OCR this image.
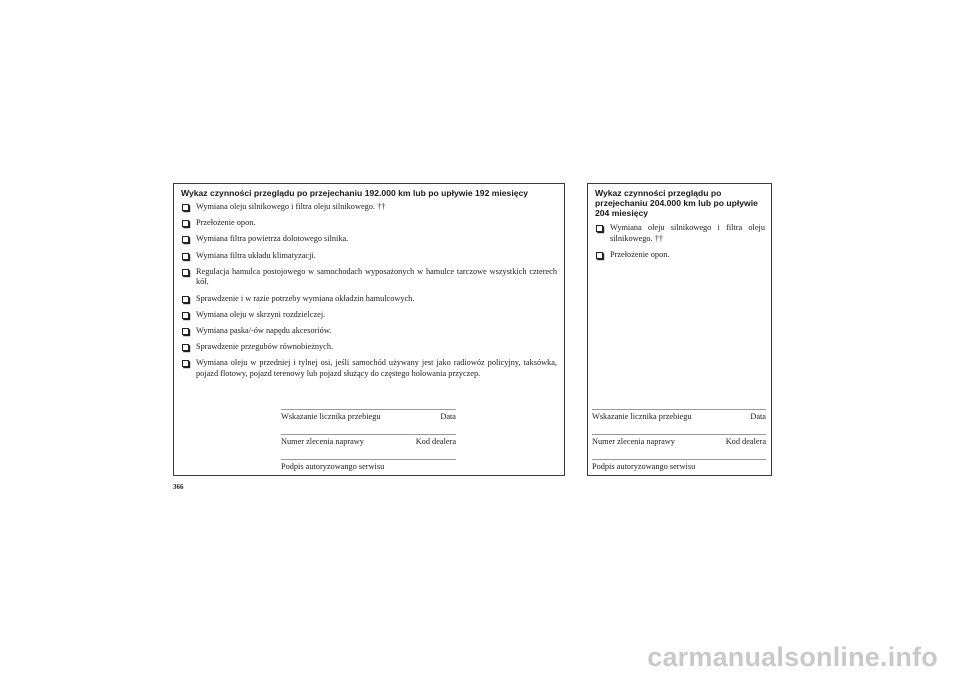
Wykaz czynności przeglądu po przejechaniu 192.000 km lub po upływie 192 miesięcy
Wymiana oleju silnikowego i filtra oleju silnikowego. ††
Przełożenie opon.
Wymiana filtra powietrza dolotowego silnika.
Wymiana filtra układu klimatyzacji.
Regulacja hamulca postojowego w samochodach wyposażonych w hamulce tarczowe wszystkich czterech kół.
Sprawdzenie i w razie potrzeby wymiana okładzin hamulcowych.
Wymiana oleju w skrzyni rozdzielczej.
Wymiana paska/-ów napędu akcesoriów.
Sprawdzenie przegubów równobieżnych.
Wymiana oleju w przedniej i tylnej osi, jeśli samochód używany jest jako radiowóz policyjny, taksówka, pojazd flotowy, pojazd terenowy lub pojazd służący do częstego holowania przyczep.
Wskazanie licznika przebiegu	Data
Numer zlecenia naprawy	Kod dealera
Podpis autoryzowango serwisu
Wykaz czynności przeglądu po przejechaniu 204.000 km lub po upływie 204 miesięcy
Wymiana oleju silnikowego i filtra oleju silnikowego. ††
Przełożenie opon.
Wskazanie licznika przebiegu	Data
Numer zlecenia naprawy	Kod dealera
Podpis autoryzowango serwisu
366
carmanualsonline.info
